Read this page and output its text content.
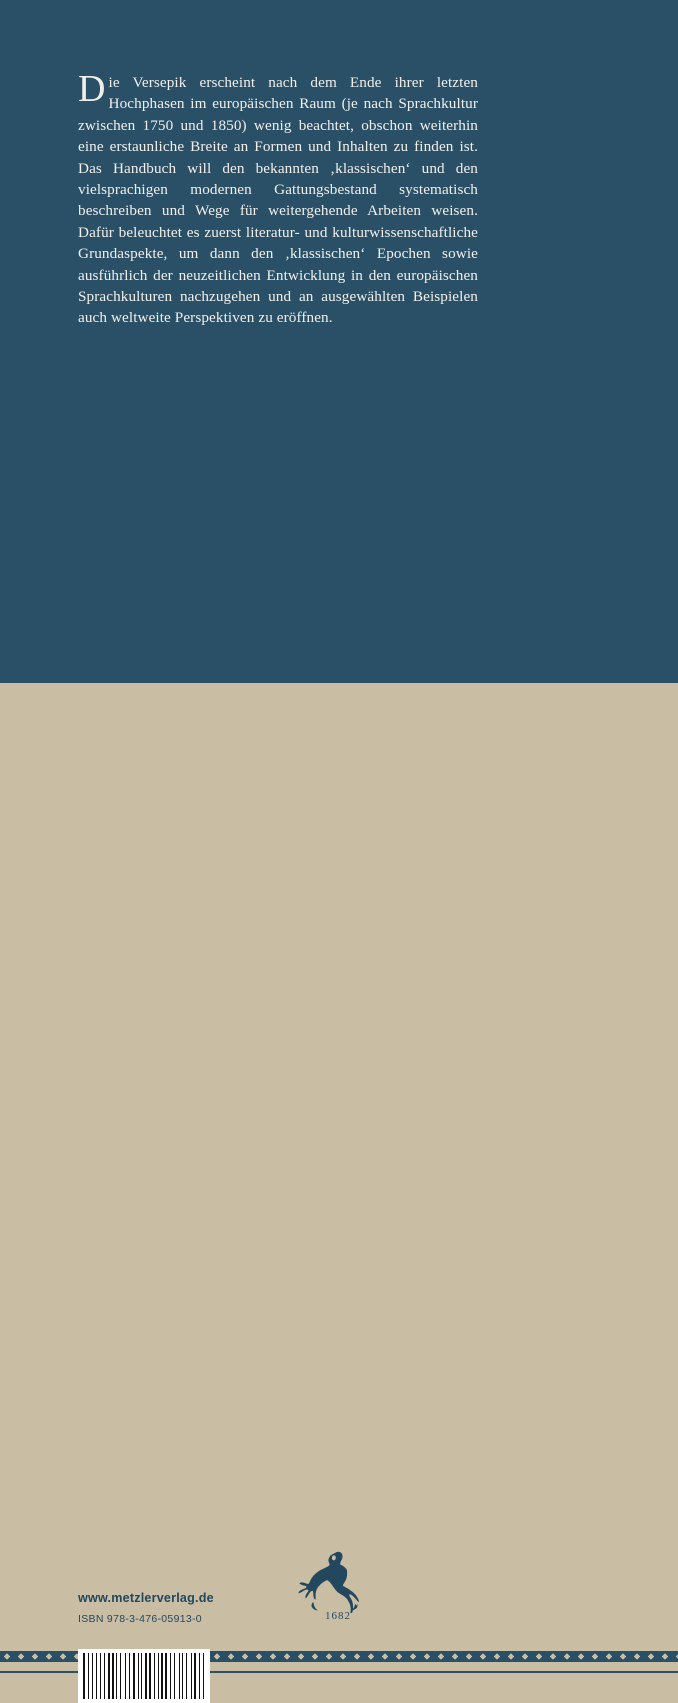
Die Versepik erscheint nach dem Ende ihrer letzten Hochphasen im europäischen Raum (je nach Sprachkultur zwischen 1750 und 1850) wenig beachtet, obschon weiterhin eine erstaunliche Breite an Formen und Inhalten zu finden ist. Das Handbuch will den bekannten ‚klassischen‘ und den vielsprachigen modernen Gattungsbestand systematisch beschreiben und Wege für weitergehende Arbeiten weisen. Dafür beleuchtet es zuerst literatur- und kulturwissenschaftliche Grundaspekte, um dann den ‚klassischen‘ Epochen sowie ausführlich der neuzeitlichen Entwicklung in den europäischen Sprachkulturen nachzugehen und an ausgewählten Beispielen auch weltweite Perspektiven zu eröffnen.
1682
www.metzlerverlag.de
ISBN 978-3-476-05913-0
